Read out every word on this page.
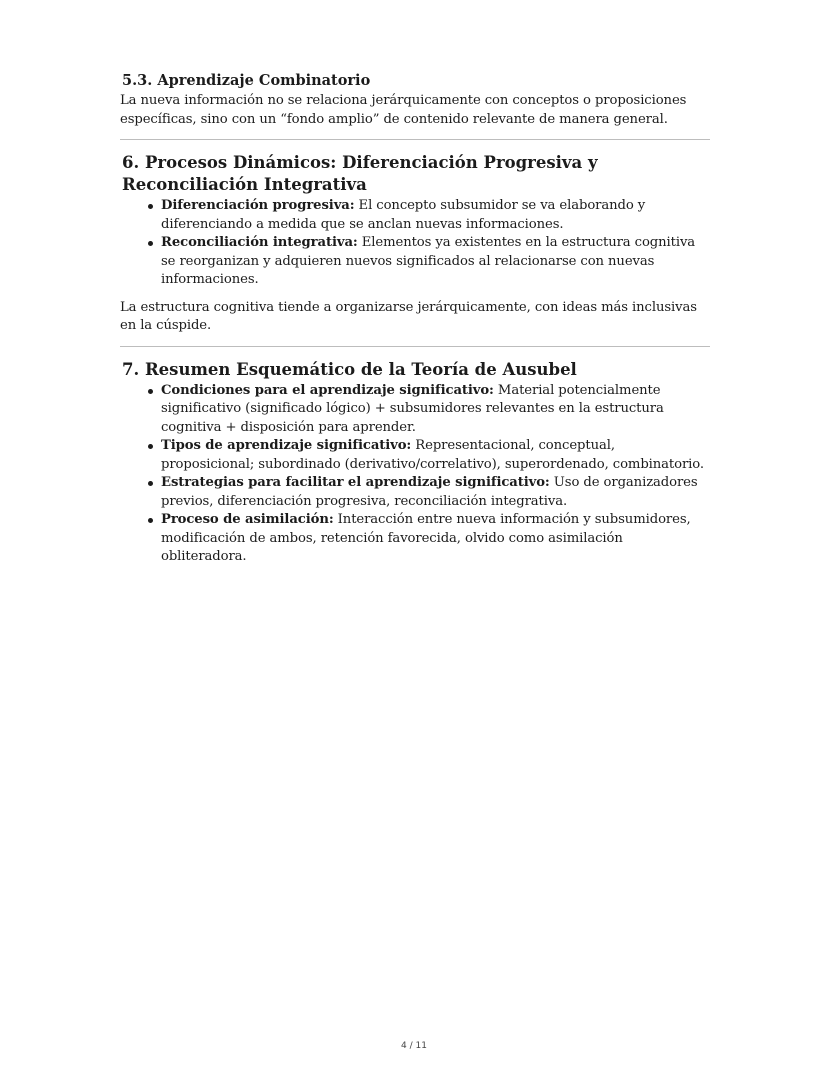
5.3. Aprendizaje Combinatorio

La nueva información no se relaciona jerárquicamente con conceptos o proposiciones específicas, sino con un “fondo amplio” de contenido relevante de manera general.

6. Procesos Dinámicos: Diferenciación Progresiva y Reconciliación Integrativa
Diferenciación progresiva: El concepto subsumidor se va elaborando y diferenciando a medida que se anclan nuevas informaciones.
Reconciliación integrativa: Elementos ya existentes en la estructura cognitiva se reorganizan y adquieren nuevos significados al relacionarse con nuevas informaciones.

La estructura cognitiva tiende a organizarse jerárquicamente, con ideas más inclusivas en la cúspide.

7. Resumen Esquemático de la Teoría de Ausubel
Condiciones para el aprendizaje significativo: Material potencialmente significativo (significado lógico) + subsumidores relevantes en la estructura cognitiva + disposición para aprender.
Tipos de aprendizaje significativo: Representacional, conceptual, proposicional; subordinado (derivativo/correlativo), superordenado, combinatorio.
Estrategias para facilitar el aprendizaje significativo: Uso de organizadores previos, diferenciación progresiva, reconciliación integrativa.
Proceso de asimilación: Interacción entre nueva información y subsumidores, modificación de ambos, retención favorecida, olvido como asimilación obliteradora.
4 / 11
